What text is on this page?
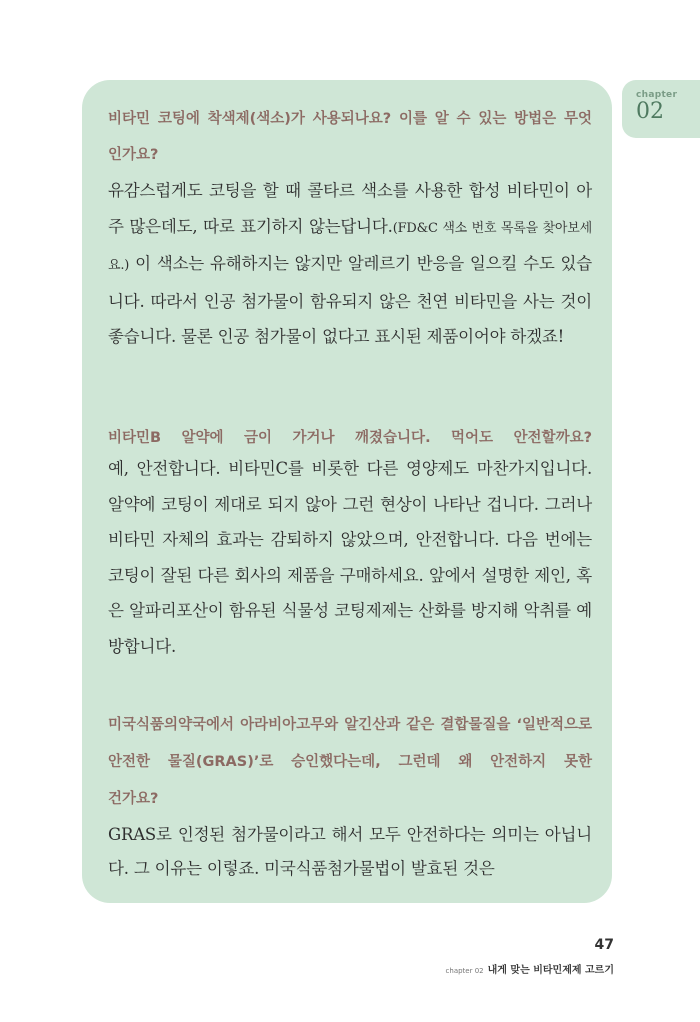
chapter
02

비타민 코팅에 착색제(색소)가 사용되나요? 이를 알 수 있는 방법은 무엇
인가요?

유감스럽게도 코팅을 할 때 콜타르 색소를 사용한 합성 비타민이 아주 많은데도, 따로 표기하지 않는답니다.(FD&C 색소 번호 목록을 찾아보세요.) 이 색소는 유해하지는 않지만 알레르기 반응을 일으킬 수도 있습니다. 따라서 인공 첨가물이 함유되지 않은 천연 비타민을 사는 것이 좋습니다. 물론 인공 첨가물이 없다고 표시된 제품이어야 하겠죠!

비타민B 알약에 금이 가거나 깨졌습니다. 먹어도 안전할까요?

예, 안전합니다. 비타민C를 비롯한 다른 영양제도 마찬가지입니다. 알약에 코팅이 제대로 되지 않아 그런 현상이 나타난 겁니다. 그러나 비타민 자체의 효과는 감퇴하지 않았으며, 안전합니다. 다음 번에는 코팅이 잘된 다른 회사의 제품을 구매하세요. 앞에서 설명한 제인, 혹은 알파리포산이 함유된 식물성 코팅제제는 산화를 방지해 악취를 예방합니다.

미국식품의약국에서 아라비아고무와 알긴산과 같은 결합물질을 ‘일반적으로 안전한 물질(GRAS)’로 승인했다는데, 그런데 왜 안전하지 못한
건가요?

GRAS로 인정된 첨가물이라고 해서 모두 안전하다는 의미는 아닙니다. 그 이유는 이렇죠. 미국식품첨가물법이 발효된 것은

47
chapter 02 내게 맞는 비타민제제 고르기
